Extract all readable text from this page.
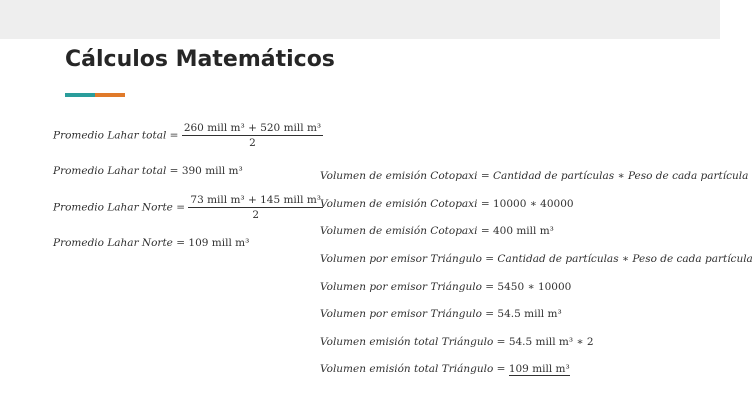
Cálculos Matemáticos
Promedio Lahar total = $\frac{\text{260 mill m³ + 520 mill m³}}{2}$
Promedio Lahar total = 390 mill m³
Promedio Lahar Norte = $\frac{\text{73 mill m³ + 145 mill m³}}{2}$
Promedio Lahar Norte = 109 mill m³
Volumen de emisión Cotopaxi = Cantidad de partículas ∗ Peso de cada partícula
Volumen de emisión Cotopaxi = 10000 ∗ 40000
Volumen de emisión Cotopaxi = 400 mill m³
Volumen por emisor Triángulo = Cantidad de partículas ∗ Peso de cada partícula
Volumen por emisor Triángulo = 5450 ∗ 10000
Volumen por emisor Triángulo = 54.5 mill m³
Volumen emisión total Triángulo = 54.5 mill m³ ∗ 2
Volumen emisión total Triángulo = 109 mill m³
